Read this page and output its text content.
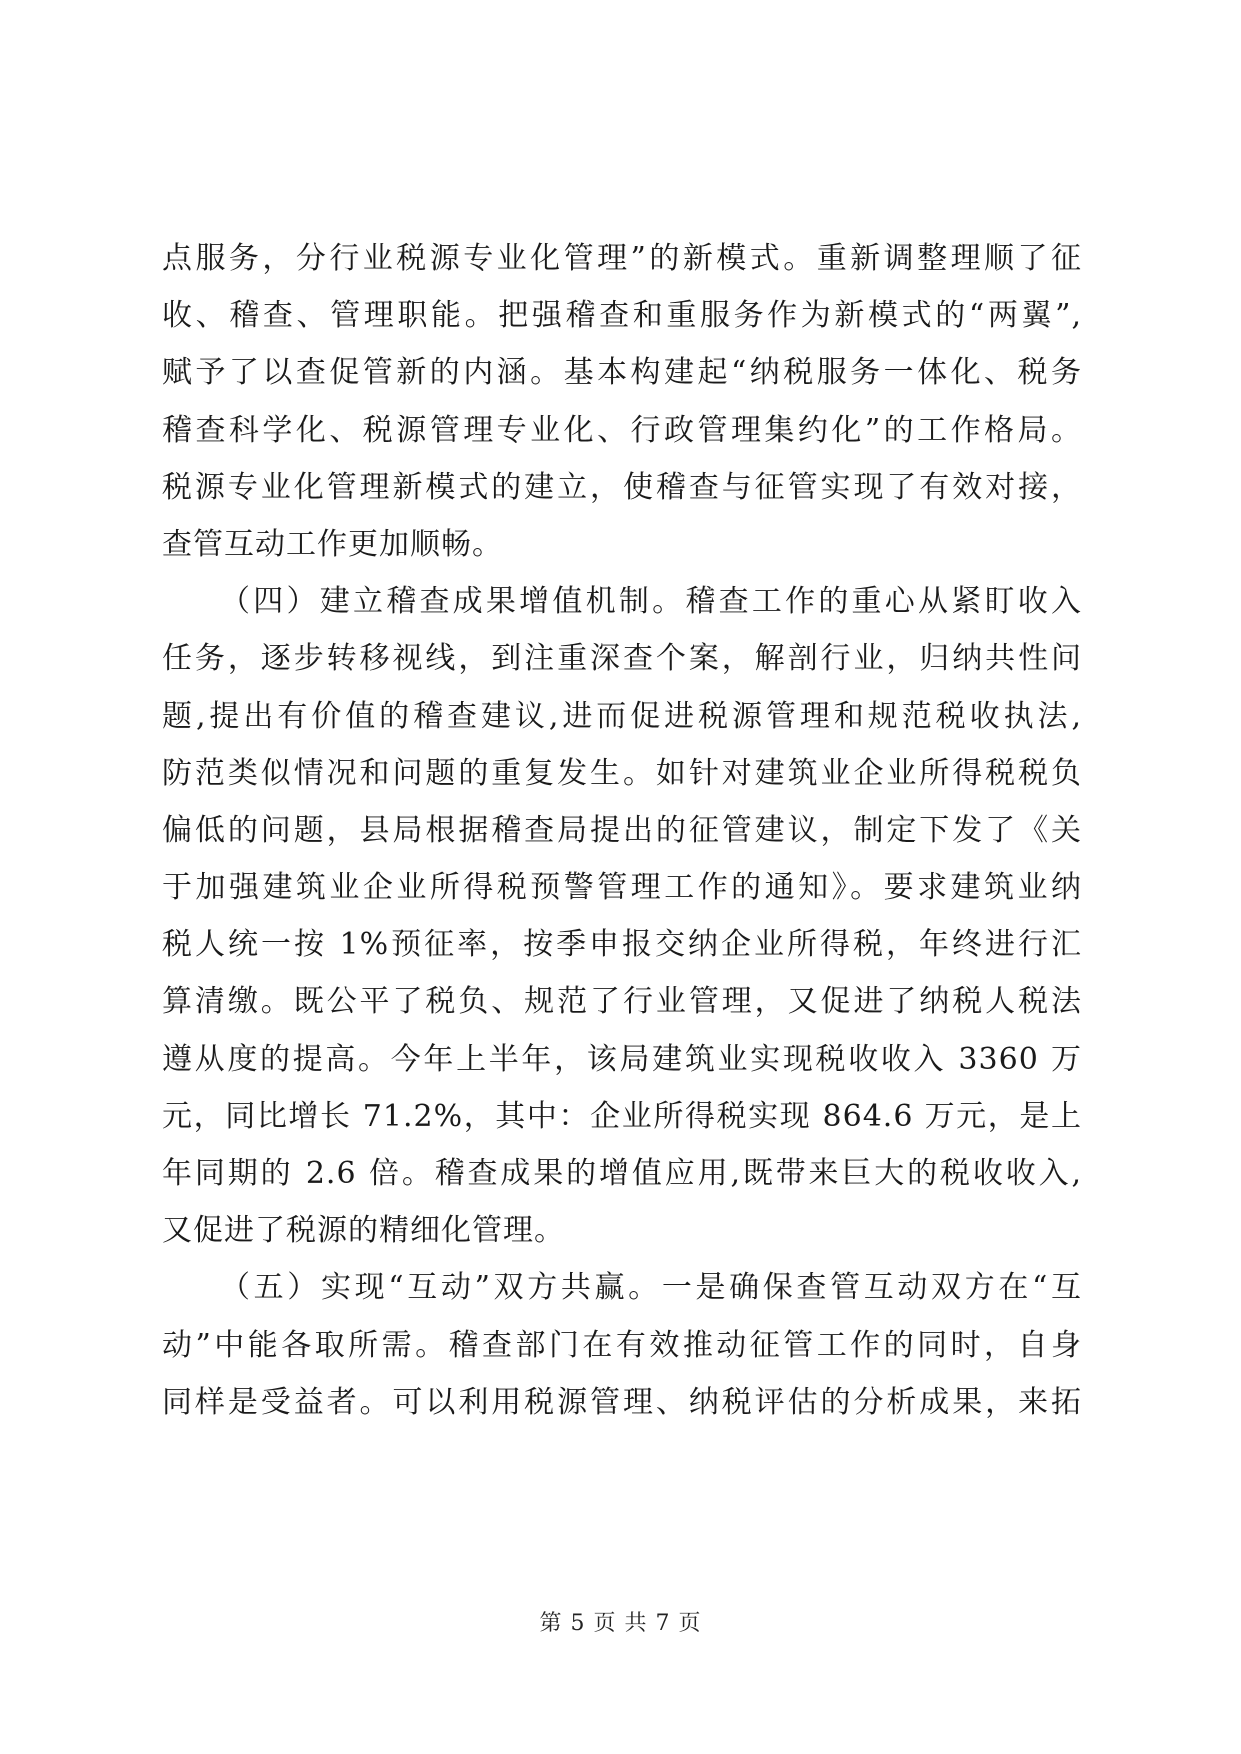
点服务，分行业税源专业化管理”的新模式。重新调整理顺了征
收、稽查、管理职能。把强稽查和重服务作为新模式的“两翼”,
赋予了以查促管新的内涵。基本构建起“纳税服务一体化、税务
稽查科学化、税源管理专业化、行政管理集约化”的工作格局。
税源专业化管理新模式的建立，使稽查与征管实现了有效对接，
查管互动工作更加顺畅。
（四）建立稽查成果增值机制。稽查工作的重心从紧盯收入
任务，逐步转移视线，到注重深查个案，解剖行业，归纳共性问
题,提出有价值的稽查建议,进而促进税源管理和规范税收执法,
防范类似情况和问题的重复发生。如针对建筑业企业所得税税负
偏低的问题，县局根据稽查局提出的征管建议，制定下发了《关
于加强建筑业企业所得税预警管理工作的通知》。要求建筑业纳
税人统一按 1%预征率，按季申报交纳企业所得税，年终进行汇
算清缴。既公平了税负、规范了行业管理，又促进了纳税人税法
遵从度的提高。今年上半年，该局建筑业实现税收收入 3360 万
元，同比增长 71.2%，其中：企业所得税实现 864.6 万元，是上
年同期的 2.6 倍。稽查成果的增值应用,既带来巨大的税收收入,
又促进了税源的精细化管理。
（五）实现“互动”双方共赢。一是确保查管互动双方在“互
动”中能各取所需。稽查部门在有效推动征管工作的同时，自身
同样是受益者。可以利用税源管理、纳税评估的分析成果，来拓
第 5 页 共 7 页
